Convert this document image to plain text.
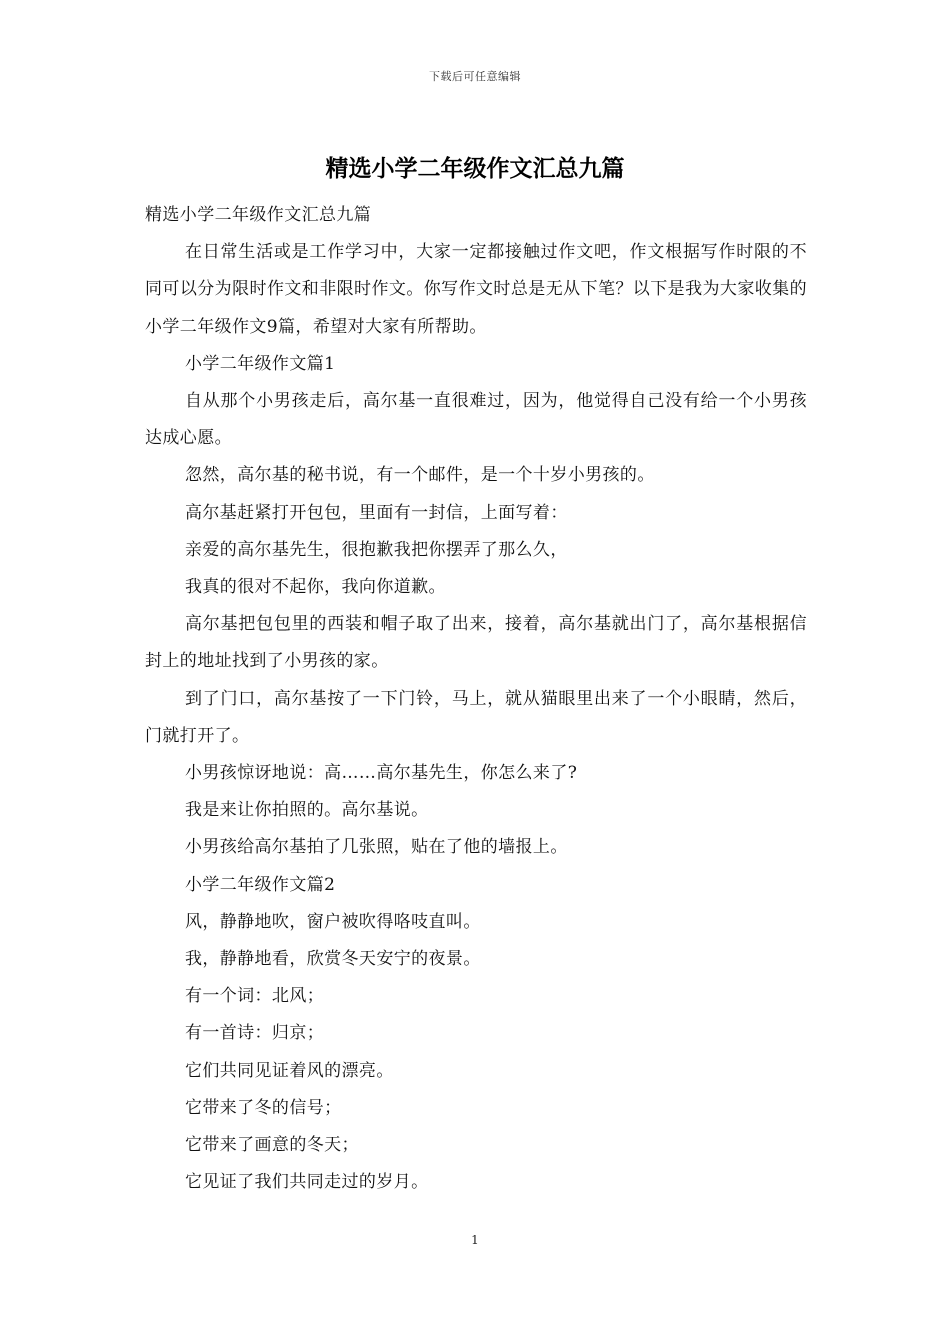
下载后可任意编辑
精选小学二年级作文汇总九篇

精选小学二年级作文汇总九篇

在日常生活或是工作学习中，大家一定都接触过作文吧，作文根据写作时限的不同可以分为限时作文和非限时作文。你写作文时总是无从下笔？以下是我为大家收集的小学二年级作文9篇，希望对大家有所帮助。

小学二年级作文篇1

自从那个小男孩走后，高尔基一直很难过，因为，他觉得自己没有给一个小男孩达成心愿。

忽然，高尔基的秘书说，有一个邮件，是一个十岁小男孩的。

高尔基赶紧打开包包，里面有一封信，上面写着：

亲爱的高尔基先生，很抱歉我把你摆弄了那么久，

我真的很对不起你，我向你道歉。

高尔基把包包里的西装和帽子取了出来，接着，高尔基就出门了，高尔基根据信封上的地址找到了小男孩的家。

到了门口，高尔基按了一下门铃，马上，就从猫眼里出来了一个小眼睛，然后，门就打开了。

小男孩惊讶地说：高……高尔基先生，你怎么来了?

我是来让你拍照的。高尔基说。

小男孩给高尔基拍了几张照，贴在了他的墙报上。

小学二年级作文篇2

风，静静地吹，窗户被吹得咯吱直叫。

我，静静地看，欣赏冬天安宁的夜景。

有一个词：北风；

有一首诗：归京；

它们共同见证着风的漂亮。

它带来了冬的信号；

它带来了画意的冬天；

它见证了我们共同走过的岁月。

1
